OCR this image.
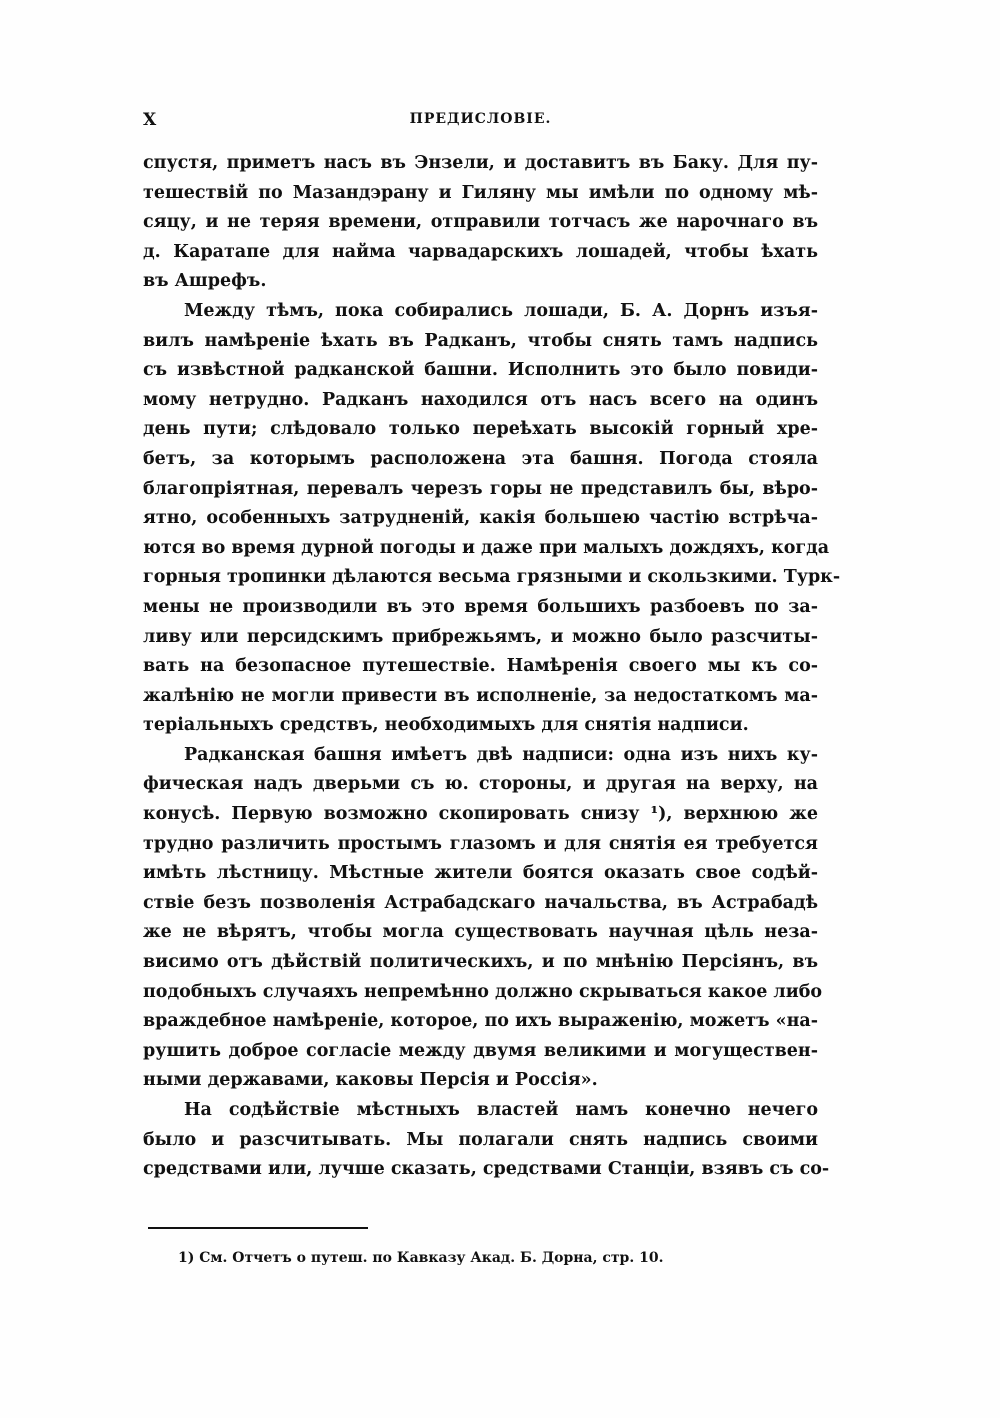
X	ПРЕДИСЛОВІЕ.
спустя, приметъ насъ въ Энзели, и доставитъ въ Баку. Для пу-
тешествій по Мазандэрану и Гиляну мы имѣли по одному мѣ-
сяцу, и не теряя времени, отправили тотчасъ же нарочнаго въ
д. Каратапе для найма чарвадарскихъ лошадей, чтобы ѣхать
въ Ашрефъ.
Между тѣмъ, пока собирались лошади, Б. А. Дорнъ изъя-
вилъ намѣреніе ѣхать въ Радканъ, чтобы снять тамъ надпись
съ извѣстной радканской башни. Исполнить это было повиди-
мому нетрудно. Радканъ находился отъ насъ всего на одинъ
день пути; слѣдовало только переѣхать высокій горный хре-
бетъ, за которымъ расположена эта башня. Погода стояла
благопріятная, перевалъ черезъ горы не представилъ бы, вѣро-
ятно, особенныхъ затрудненій, какія большею частію встрѣча-
ются во время дурной погоды и даже при малыхъ дождяхъ, когда
горныя тропинки дѣлаются весьма грязными и скользкими. Турк-
мены не производили въ это время большихъ разбоевъ по за-
ливу или персидскимъ прибрежьямъ, и можно было разсчиты-
вать на безопасное путешествіе. Намѣренія своего мы къ со-
жалѣнію не могли привести въ исполненіе, за недостаткомъ ма-
теріальныхъ средствъ, необходимыхъ для снятія надписи.
Радканская башня имѣетъ двѣ надписи: одна изъ нихъ ку-
фическая надъ дверьми съ ю. стороны, и другая на верху, на
конусѣ. Первую возможно скопировать снизу ¹), верхнюю же
трудно различить простымъ глазомъ и для снятія ея требуется
имѣть лѣстницу. Мѣстные жители боятся оказать свое содѣй-
ствіе безъ позволенія Астрабадскаго начальства, въ Астрабадѣ
же не вѣрятъ, чтобы могла существовать научная цѣль неза-
висимо отъ дѣйствій политическихъ, и по мнѣнію Персіянъ, въ
подобныхъ случаяхъ непремѣнно должно скрываться какое либо
враждебное намѣреніе, которое, по ихъ выраженію, можетъ «на-
рушить доброе согласіе между двумя великими и могуществен-
ными державами, каковы Персія и Россія».
На содѣйствіе мѣстныхъ властей намъ конечно нечего
было и разсчитывать. Мы полагали снять надпись своими
средствами или, лучше сказать, средствами Станціи, взявъ съ со-
1) См. Отчетъ о путеш. по Кавказу Акад. Б. Дорна, стр. 10.
